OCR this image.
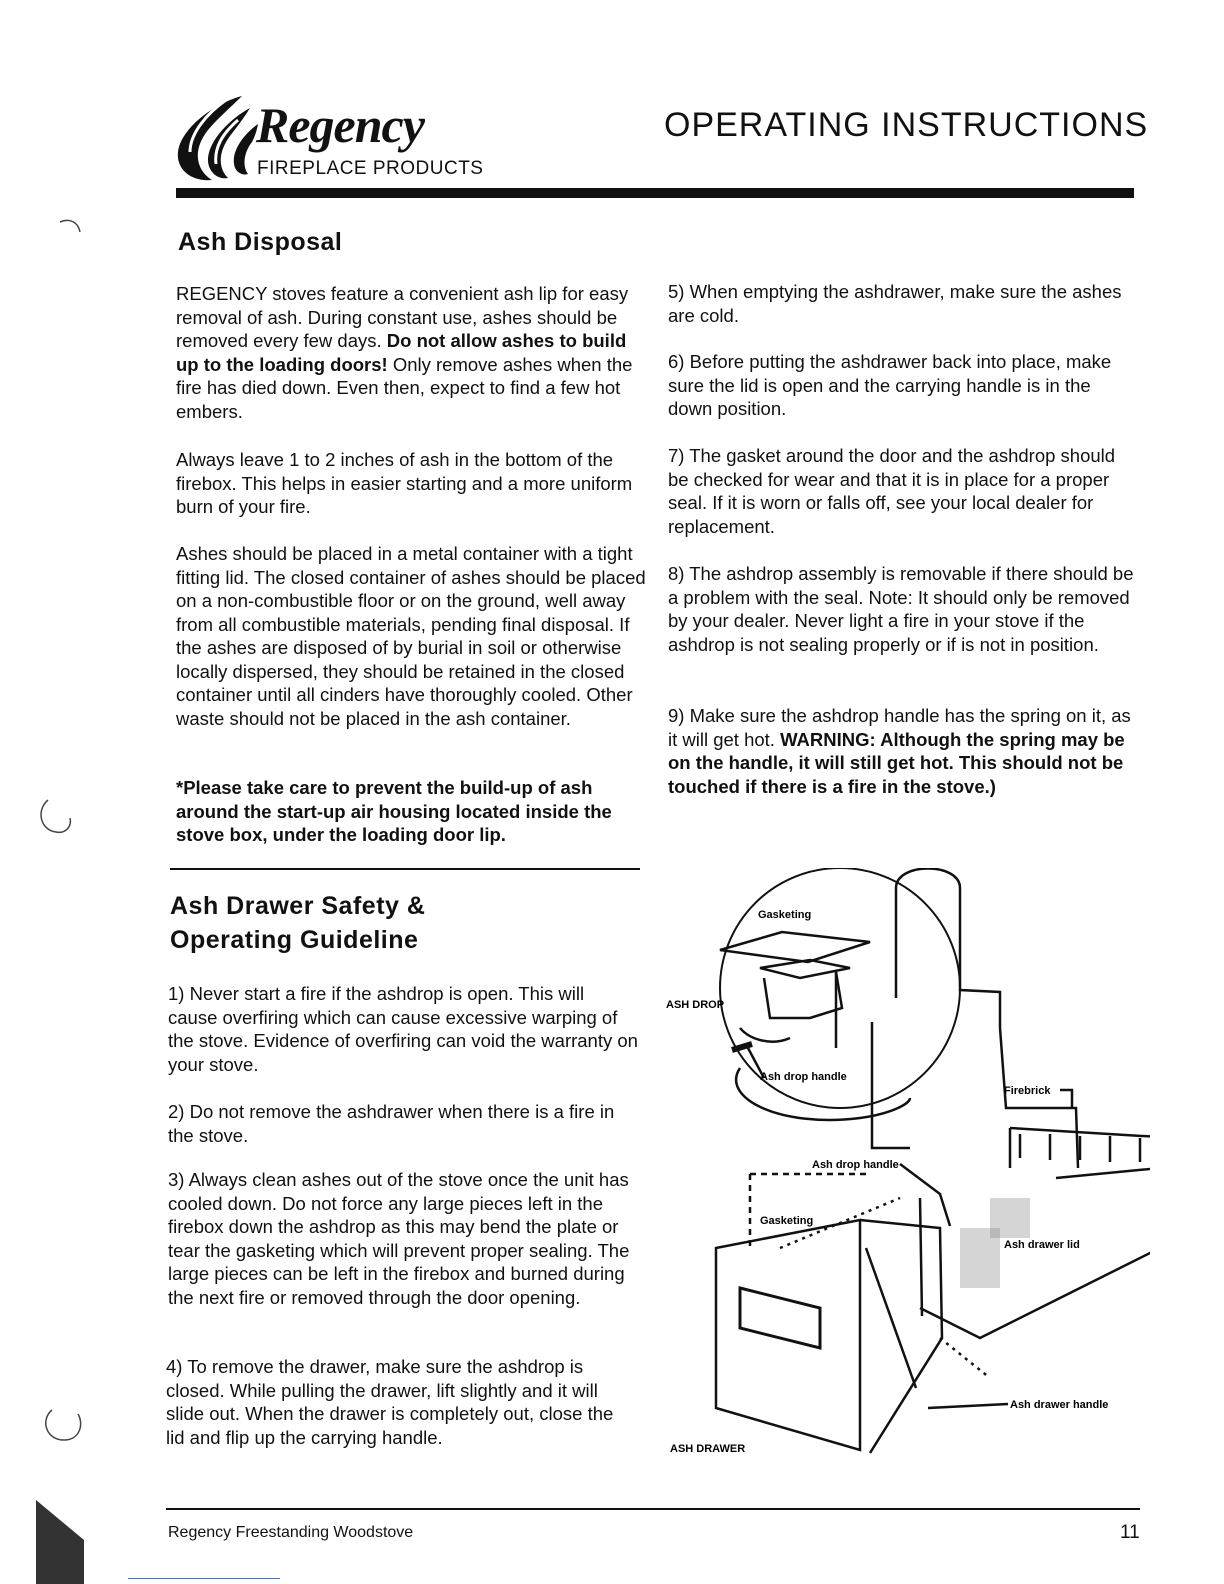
Regency
FIREPLACE PRODUCTS
OPERATING INSTRUCTIONS
Ash Disposal

REGENCY stoves feature a convenient ash lip for easy removal of ash. During constant use, ashes should be removed every few days. Do not allow ashes to build up to the loading doors! Only remove ashes when the fire has died down. Even then, expect to find a few hot embers.

Always leave 1 to 2 inches of ash in the bottom of the firebox. This helps in easier starting and a more uniform burn of your fire.

Ashes should be placed in a metal container with a tight fitting lid. The closed container of ashes should be placed on a non-combustible floor or on the ground, well away from all combustible materials, pending final disposal. If the ashes are disposed of by burial in soil or otherwise locally dispersed, they should be retained in the closed container until all cinders have thoroughly cooled. Other waste should not be placed in the ash container.

*Please take care to prevent the build-up of ash around the start-up air housing located inside the stove box, under the loading door lip.

5) When emptying the ashdrawer, make sure the ashes are cold.

6) Before putting the ashdrawer back into place, make sure the lid is open and the carrying handle is in the down position.

7) The gasket around the door and the ashdrop should be checked for wear and that it is in place for a proper seal. If it is worn or falls off, see your local dealer for replacement.

8) The ashdrop assembly is removable if there should be a problem with the seal. Note: It should only be removed by your dealer. Never light a fire in your stove if the ashdrop is not sealing properly or if is not in position.

9) Make sure the ashdrop handle has the spring on it, as it will get hot. WARNING: Although the spring may be on the handle, it will still get hot. This should not be touched if there is a fire in the stove.)

Ash Drawer Safety &
Operating Guideline

1) Never start a fire if the ashdrop is open. This will cause overfiring which can cause excessive warping of the stove. Evidence of overfiring can void the warranty on your stove.

2) Do not remove the ashdrawer when there is a fire in the stove.

3) Always clean ashes out of the stove once the unit has cooled down. Do not force any large pieces left in the firebox down the ashdrop as this may bend the plate or tear the gasketing which will prevent proper sealing. The large pieces can be left in the firebox and burned during the next fire or removed through the door opening.

4) To remove the drawer, make sure the ashdrop is closed. While pulling the drawer, lift slightly and it will slide out. When the drawer is completely out, close the lid and flip up the carrying handle.

Gasketing
ASH DROP
Ash drop handle
Firebrick
Ash drop handle
Gasketing
Ash drawer lid
Ash drawer handle
ASH DRAWER
Regency Freestanding Woodstove	11
